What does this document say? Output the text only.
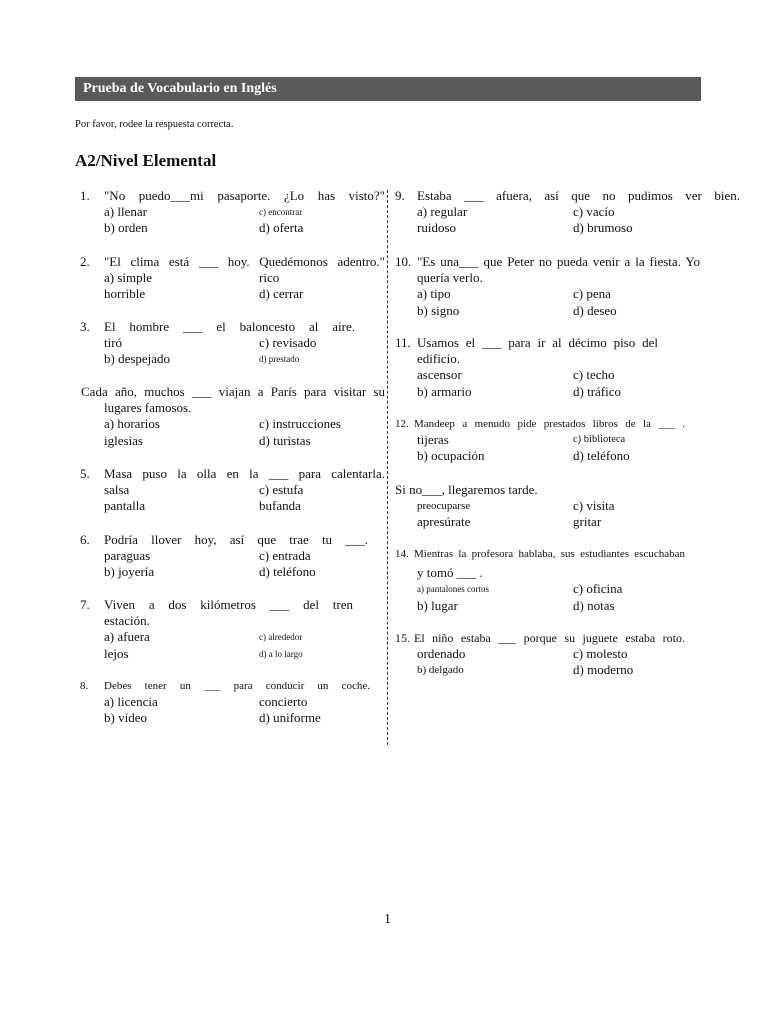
Prueba de Vocabulario en Inglés
Por favor, rodee la respuesta correcta.
A2/Nivel Elemental
1.	"No puedo___mi pasaporte. ¿Lo has visto?"
a) llenar	c) encontrar
b) orden	d) oferta
2.	"El clima está ___ hoy. Quedémonos adentro."
a) simple	rico
horrible	d) cerrar
3.	El hombre ___ el baloncesto al aire.
tiró	c) revisado
b) despejado	d) prestado
Cada año, muchos ___ viajan a París para visitar su
lugares famosos.
a) horarios	c) instrucciones
iglesias	d) turistas
5.	Masa puso la olla en la ___ para calentarla.
salsa	c) estufa
pantalla	bufanda
6.	Podría llover hoy, así que trae tu ___.
paraguas	c) entrada
b) joyería	d) teléfono
7.	Viven a dos kilómetros ___ del tren
estación.
a) afuera	c) alrededor
lejos	d) a lo largo
8.	Debes tener un ___ para conducir un coche.
a) licencia	concierto
b) vídeo	d) uniforme
9. Estaba ___ afuera, así que no pudimos ver bien.
a) regular	c) vacío
ruidoso	d) brumoso
10. "Es una___ que Peter no pueda venir a la fiesta. Yo
quería verlo.
a) tipo	c) pena
b) signo	d) deseo
11. Usamos el ___ para ir al décimo piso del
edificio.
ascensor	c) techo
b) armario	d) tráfico
12. Mandeep a menudo pide prestados libros de la ___ .
tijeras	c) biblioteca
b) ocupación	d) teléfono
Si no___, llegaremos tarde.
preocuparse	c) visita
apresúrate	gritar
14. Mientras la profesora hablaba, sus estudiantes escuchaban
y tomó ___ .
a) pantalones cortos	c) oficina
b) lugar	d) notas
15. El niño estaba ___ porque su juguete estaba roto.
ordenado	c) molesto
b) delgado	d) moderno
1
